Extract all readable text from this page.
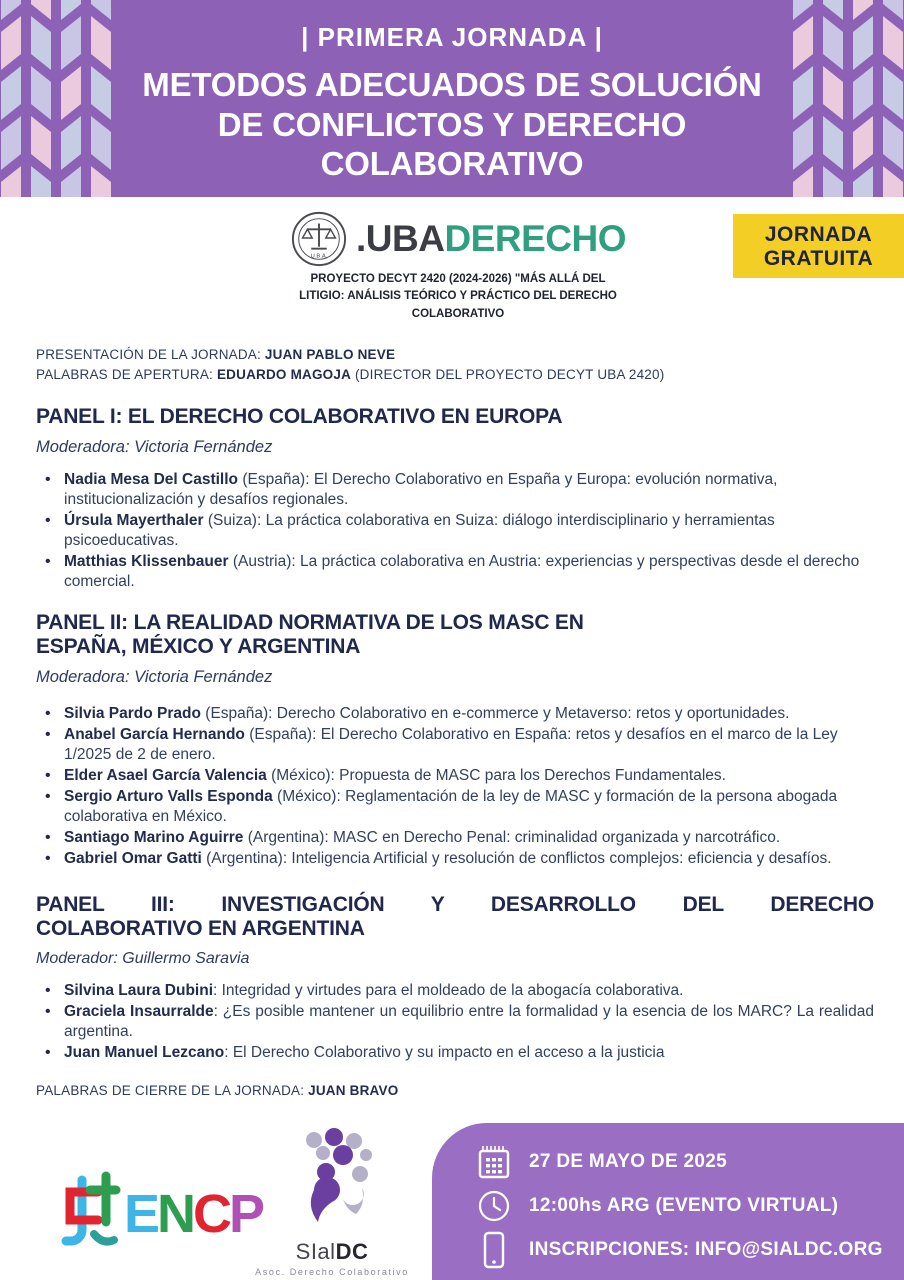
| PRIMERA JORNADA |
METODOS ADECUADOS DE SOLUCIÓN
DE CONFLICTOS Y DERECHO
COLABORATIVO
JORNADA
GRATUITA
U.B.A. .UBADERECHO
PROYECTO DECYT 2420 (2024-2026) "MÁS ALLÁ DEL
LITIGIO: ANÁLISIS TEÓRICO Y PRÁCTICO DEL DERECHO
COLABORATIVO
PRESENTACIÓN DE LA JORNADA: JUAN PABLO NEVE
PALABRAS DE APERTURA: EDUARDO MAGOJA (DIRECTOR DEL PROYECTO DECYT UBA 2420)
PANEL I: EL DERECHO COLABORATIVO EN EUROPA
Moderadora: Victoria Fernández
• Nadia Mesa Del Castillo (España): El Derecho Colaborativo en España y Europa: evolución normativa, institucionalización y desafíos regionales.
• Úrsula Mayerthaler (Suiza): La práctica colaborativa en Suiza: diálogo interdisciplinario y herramientas psicoeducativas.
• Matthias Klissenbauer (Austria): La práctica colaborativa en Austria: experiencias y perspectivas desde el derecho comercial.
PANEL II: LA REALIDAD NORMATIVA DE LOS MASC EN
ESPAÑA, MÉXICO Y ARGENTINA
Moderadora: Victoria Fernández
• Silvia Pardo Prado (España): Derecho Colaborativo en e-commerce y Metaverso: retos y oportunidades.
• Anabel García Hernando (España): El Derecho Colaborativo en España: retos y desafíos en el marco de la Ley 1/2025 de 2 de enero.
• Elder Asael García Valencia (México): Propuesta de MASC para los Derechos Fundamentales.
• Sergio Arturo Valls Esponda (México): Reglamentación de la ley de MASC y formación de la persona abogada colaborativa en México.
• Santiago Marino Aguirre (Argentina): MASC en Derecho Penal: criminalidad organizada y narcotráfico.
• Gabriel Omar Gatti (Argentina): Inteligencia Artificial y resolución de conflictos complejos: eficiencia y desafíos.
PANEL III: INVESTIGACIÓN Y DESARROLLO DEL DERECHO
COLABORATIVO EN ARGENTINA
Moderador: Guillermo Saravia
• Silvina Laura Dubini: Integridad y virtudes para el moldeado de la abogacía colaborativa.
• Graciela Insaurralde: ¿Es posible mantener un equilibrio entre la formalidad y la esencia de los MARC? La realidad argentina.
• Juan Manuel Lezcano: El Derecho Colaborativo y su impacto en el acceso a la justicia
PALABRAS DE CIERRE DE LA JORNADA: JUAN BRAVO
ENCP
SIalDC
Asoc. Derecho Colaborativo
27 DE MAYO DE 2025
12:00hs ARG (EVENTO VIRTUAL)
INSCRIPCIONES: INFO@SIALDC.ORG
